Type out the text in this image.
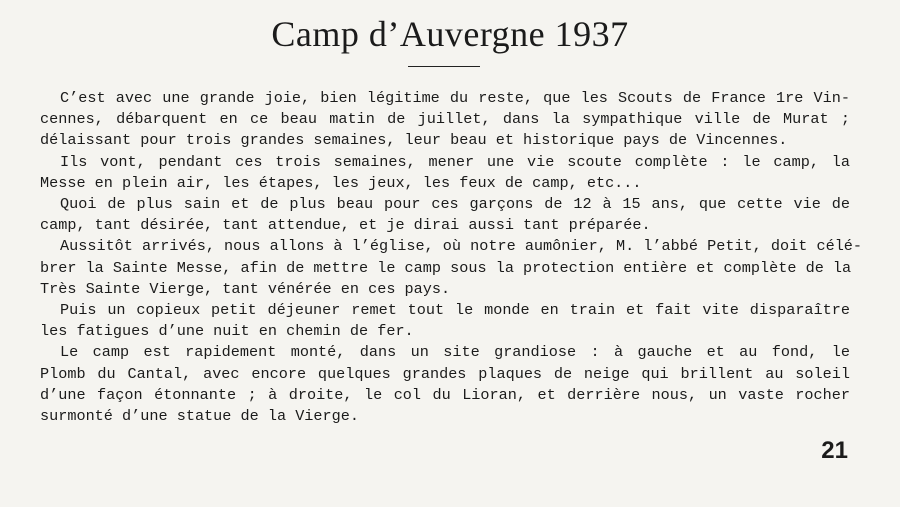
Camp d’Auvergne 1937
C’est avec une grande joie, bien légitime du reste, que les Scouts de France 1re Vin-
cennes, débarquent en ce beau matin de juillet, dans la sympathique ville de Murat ;
délaissant pour trois grandes semaines, leur beau et historique pays de Vincennes.
Ils vont, pendant ces trois semaines, mener une vie scoute complète : le camp, la
Messe en plein air, les étapes, les jeux, les feux de camp, etc...
Quoi de plus sain et de plus beau pour ces garçons de 12 à 15 ans, que cette vie de
camp, tant désirée, tant attendue, et je dirai aussi tant préparée.
Aussitôt arrivés, nous allons à l’église, où notre aumônier, M. l’abbé Petit, doit célé-
brer la Sainte Messe, afin de mettre le camp sous la protection entière et complète de la
Très Sainte Vierge, tant vénérée en ces pays.
Puis un copieux petit déjeuner remet tout le monde en train et fait vite disparaître
les fatigues d’une nuit en chemin de fer.
Le camp est rapidement monté, dans un site grandiose : à gauche et au fond, le
Plomb du Cantal, avec encore quelques grandes plaques de neige qui brillent au soleil
d’une façon étonnante ; à droite, le col du Lioran, et derrière nous, un vaste rocher
surmonté d’une statue de la Vierge.
21
